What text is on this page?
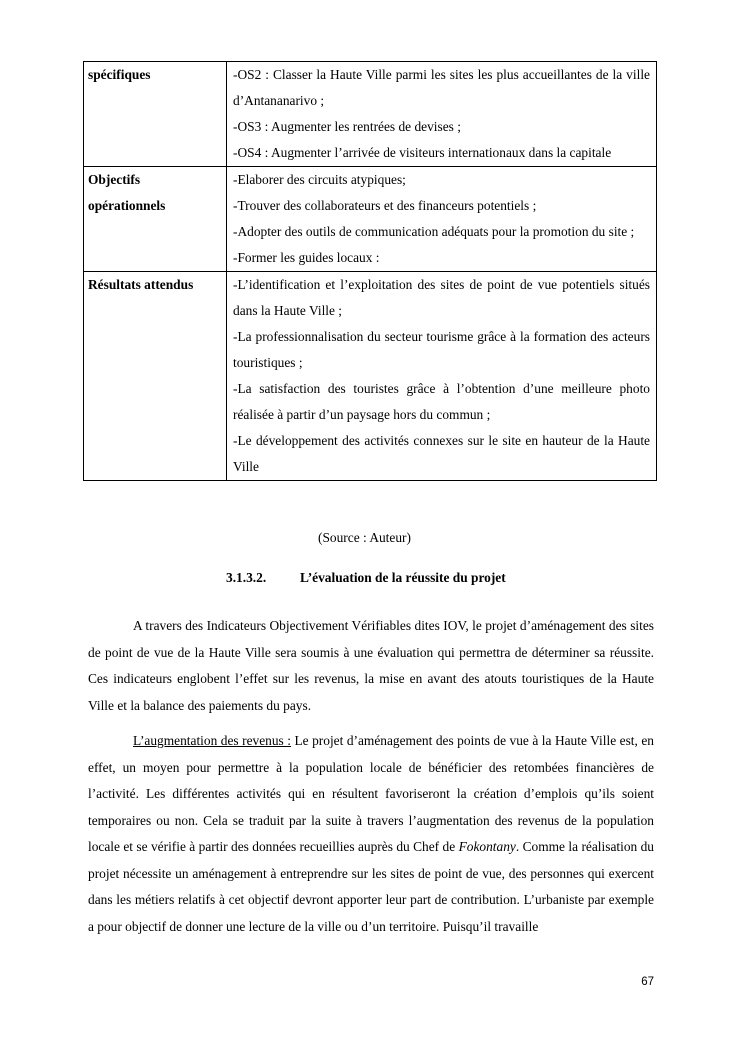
spécifiques	-OS2 : Classer la Haute Ville parmi les sites les plus accueillantes de la ville d’Antananarivo ;

-OS3 : Augmenter les rentrées de devises ;

-OS4 : Augmenter l’arrivée de visiteurs internationaux dans la capitale

Objectifs opérationnels	-Elaborer des circuits atypiques;

-Trouver des collaborateurs et des financeurs potentiels ;

-Adopter des outils de communication adéquats pour la promotion du site ;

-Former les guides locaux :

Résultats attendus	-L’identification et l’exploitation des sites de point de vue potentiels situés dans la Haute Ville ;

-La professionnalisation du secteur tourisme grâce à la formation des acteurs touristiques ;

-La satisfaction des touristes grâce à l’obtention d’une meilleure photo réalisée à partir d’un paysage hors du commun ;

-Le développement des activités connexes sur le site en hauteur de la Haute Ville

(Source : Auteur)
3.1.3.2.	L’évaluation de la réussite du projet

A travers des Indicateurs Objectivement Vérifiables dites IOV, le projet d’aménagement des sites de point de vue de la Haute Ville sera soumis à une évaluation qui permettra de déterminer sa réussite. Ces indicateurs englobent l’effet sur les revenus, la mise en avant des atouts touristiques de la Haute Ville et la balance des paiements du pays.

L’augmentation des revenus : Le projet d’aménagement des points de vue à la Haute Ville est, en effet, un moyen pour permettre à la population locale de bénéficier des retombées financières de l’activité. Les différentes activités qui en résultent favoriseront la création d’emplois qu’ils soient temporaires ou non. Cela se traduit par la suite à travers l’augmentation des revenus de la population locale et se vérifie à partir des données recueillies auprès du Chef de Fokontany. Comme la réalisation du projet nécessite un aménagement à entreprendre sur les sites de point de vue, des personnes qui exercent dans les métiers relatifs à cet objectif devront apporter leur part de contribution. L’urbaniste par exemple a pour objectif de donner une lecture de la ville ou d’un territoire. Puisqu’il travaille

67
